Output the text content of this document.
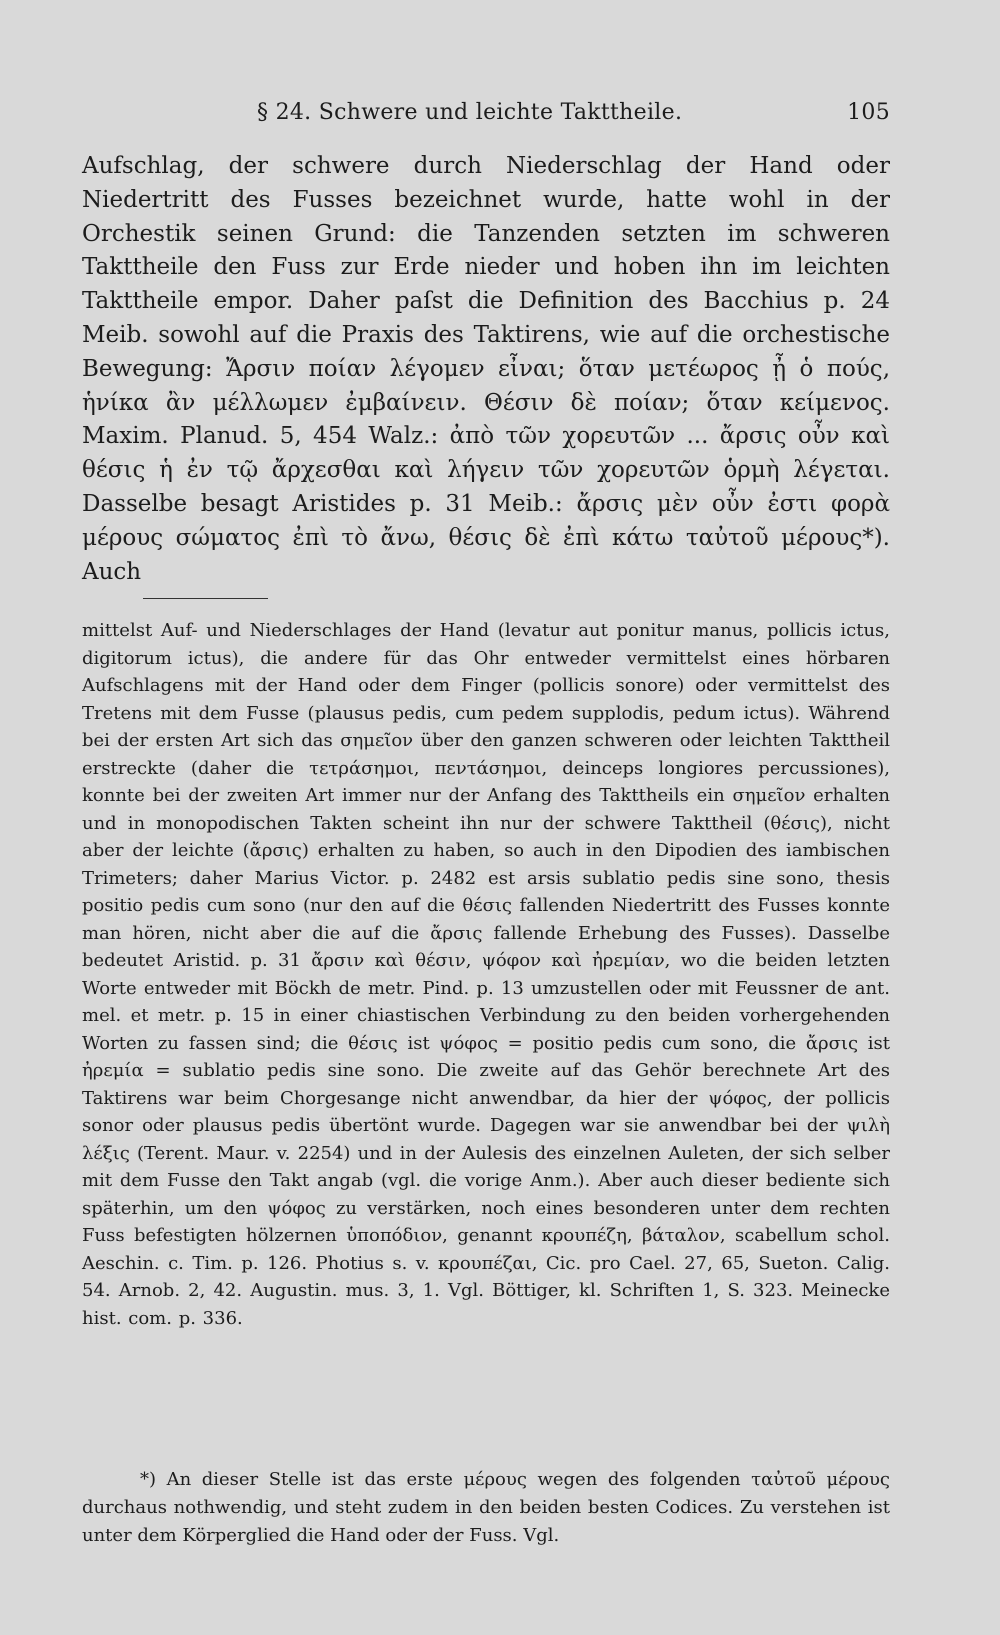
§ 24. Schwere und leichte Takttheile.	105

Aufschlag, der schwere durch Niederschlag der Hand oder Niedertritt des Fusses bezeichnet wurde, hatte wohl in der Orchestik seinen Grund: die Tanzenden setzten im schweren Takttheile den Fuss zur Erde nieder und hoben ihn im leichten Takttheile empor. Daher paſst die Definition des Bacchius p. 24 Meib. sowohl auf die Praxis des Taktirens, wie auf die orchestische Bewegung: Ἄρσιν ποίαν λέγομεν εἶναι; ὅταν μετέωρος ᾖ ὁ πούς, ἡνίκα ἂν μέλλωμεν ἐμβαίνειν. Θέσιν δὲ ποίαν; ὅταν κείμενος. Maxim. Planud. 5, 454 Walz.: ἀπὸ τῶν χορευτῶν ... ἄρσις οὖν καὶ θέσις ἡ ἐν τῷ ἄρχεσθαι καὶ λήγειν τῶν χορευτῶν ὁρμὴ λέγεται. Dasselbe besagt Aristides p. 31 Meib.: ἄρσις μὲν οὖν ἐστι φορὰ μέρους σώματος ἐπὶ τὸ ἄνω, θέσις δὲ ἐπὶ κάτω ταὐτοῦ μέρους*). Auch

mittelst Auf- und Niederschlages der Hand (levatur aut ponitur manus, pollicis ictus, digitorum ictus), die andere für das Ohr entweder vermittelst eines hörbaren Aufschlagens mit der Hand oder dem Finger (pollicis sonore) oder vermittelst des Tretens mit dem Fusse (plausus pedis, cum pedem supplodis, pedum ictus). Während bei der ersten Art sich das σημεῖον über den ganzen schweren oder leichten Takttheil erstreckte (daher die τετράσημοι, πεντάσημοι, deinceps longiores percussiones), konnte bei der zweiten Art immer nur der Anfang des Takttheils ein σημεῖον erhalten und in monopodischen Takten scheint ihn nur der schwere Takttheil (θέσις), nicht aber der leichte (ἄρσις) erhalten zu haben, so auch in den Dipodien des iambischen Trimeters; daher Marius Victor. p. 2482 est arsis sublatio pedis sine sono, thesis positio pedis cum sono (nur den auf die θέσις fallenden Niedertritt des Fusses konnte man hören, nicht aber die auf die ἄρσις fallende Erhebung des Fusses). Dasselbe bedeutet Aristid. p. 31 ἄρσιν καὶ θέσιν, ψόφον καὶ ἠρεμίαν, wo die beiden letzten Worte entweder mit Böckh de metr. Pind. p. 13 umzustellen oder mit Feussner de ant. mel. et metr. p. 15 in einer chiastischen Verbindung zu den beiden vorhergehenden Worten zu fassen sind; die θέσις ist ψόφος = positio pedis cum sono, die ἄρσις ist ἠρεμία = sublatio pedis sine sono. Die zweite auf das Gehör berechnete Art des Taktirens war beim Chorgesange nicht anwendbar, da hier der ψόφος, der pollicis sonor oder plausus pedis übertönt wurde. Dagegen war sie anwendbar bei der ψιλὴ λέξις (Terent. Maur. v. 2254) und in der Aulesis des einzelnen Auleten, der sich selber mit dem Fusse den Takt angab (vgl. die vorige Anm.). Aber auch dieser bediente sich späterhin, um den ψόφος zu verstärken, noch eines besonderen unter dem rechten Fuss befestigten hölzernen ὑποπόδιον, genannt κρουπέζη, βάταλον, scabellum schol. Aeschin. c. Tim. p. 126. Photius s. v. κρουπέζαι, Cic. pro Cael. 27, 65, Sueton. Calig. 54. Arnob. 2, 42. Augustin. mus. 3, 1. Vgl. Böttiger, kl. Schriften 1, S. 323. Meinecke hist. com. p. 336.

*) An dieser Stelle ist das erste μέρους wegen des folgenden ταὐτοῦ μέρους durchaus nothwendig, und steht zudem in den beiden besten Codices. Zu verstehen ist unter dem Körperglied die Hand oder der Fuss. Vgl.
